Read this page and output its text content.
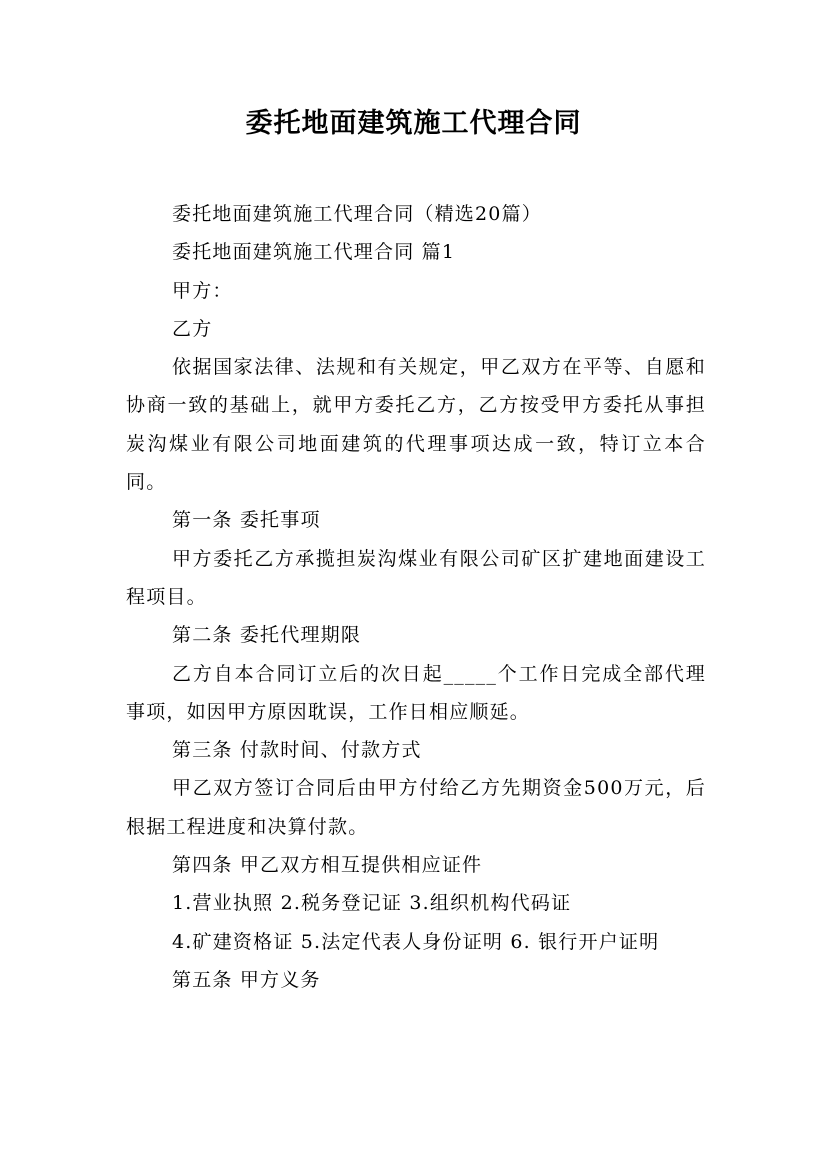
委托地面建筑施工代理合同

委托地面建筑施工代理合同（精选20篇）

委托地面建筑施工代理合同 篇1

甲方：

乙方

依据国家法律、法规和有关规定，甲乙双方在平等、自愿和协商一致的基础上，就甲方委托乙方，乙方按受甲方委托从事担炭沟煤业有限公司地面建筑的代理事项达成一致，特订立本合同。

第一条 委托事项

甲方委托乙方承揽担炭沟煤业有限公司矿区扩建地面建设工程项目。

第二条 委托代理期限

乙方自本合同订立后的次日起_____个工作日完成全部代理事项，如因甲方原因耽误，工作日相应顺延。

第三条 付款时间、付款方式

甲乙双方签订合同后由甲方付给乙方先期资金500万元，后根据工程进度和决算付款。

第四条 甲乙双方相互提供相应证件

1.营业执照 2.税务登记证 3.组织机构代码证

4.矿建资格证 5.法定代表人身份证明 6. 银行开户证明

第五条 甲方义务
